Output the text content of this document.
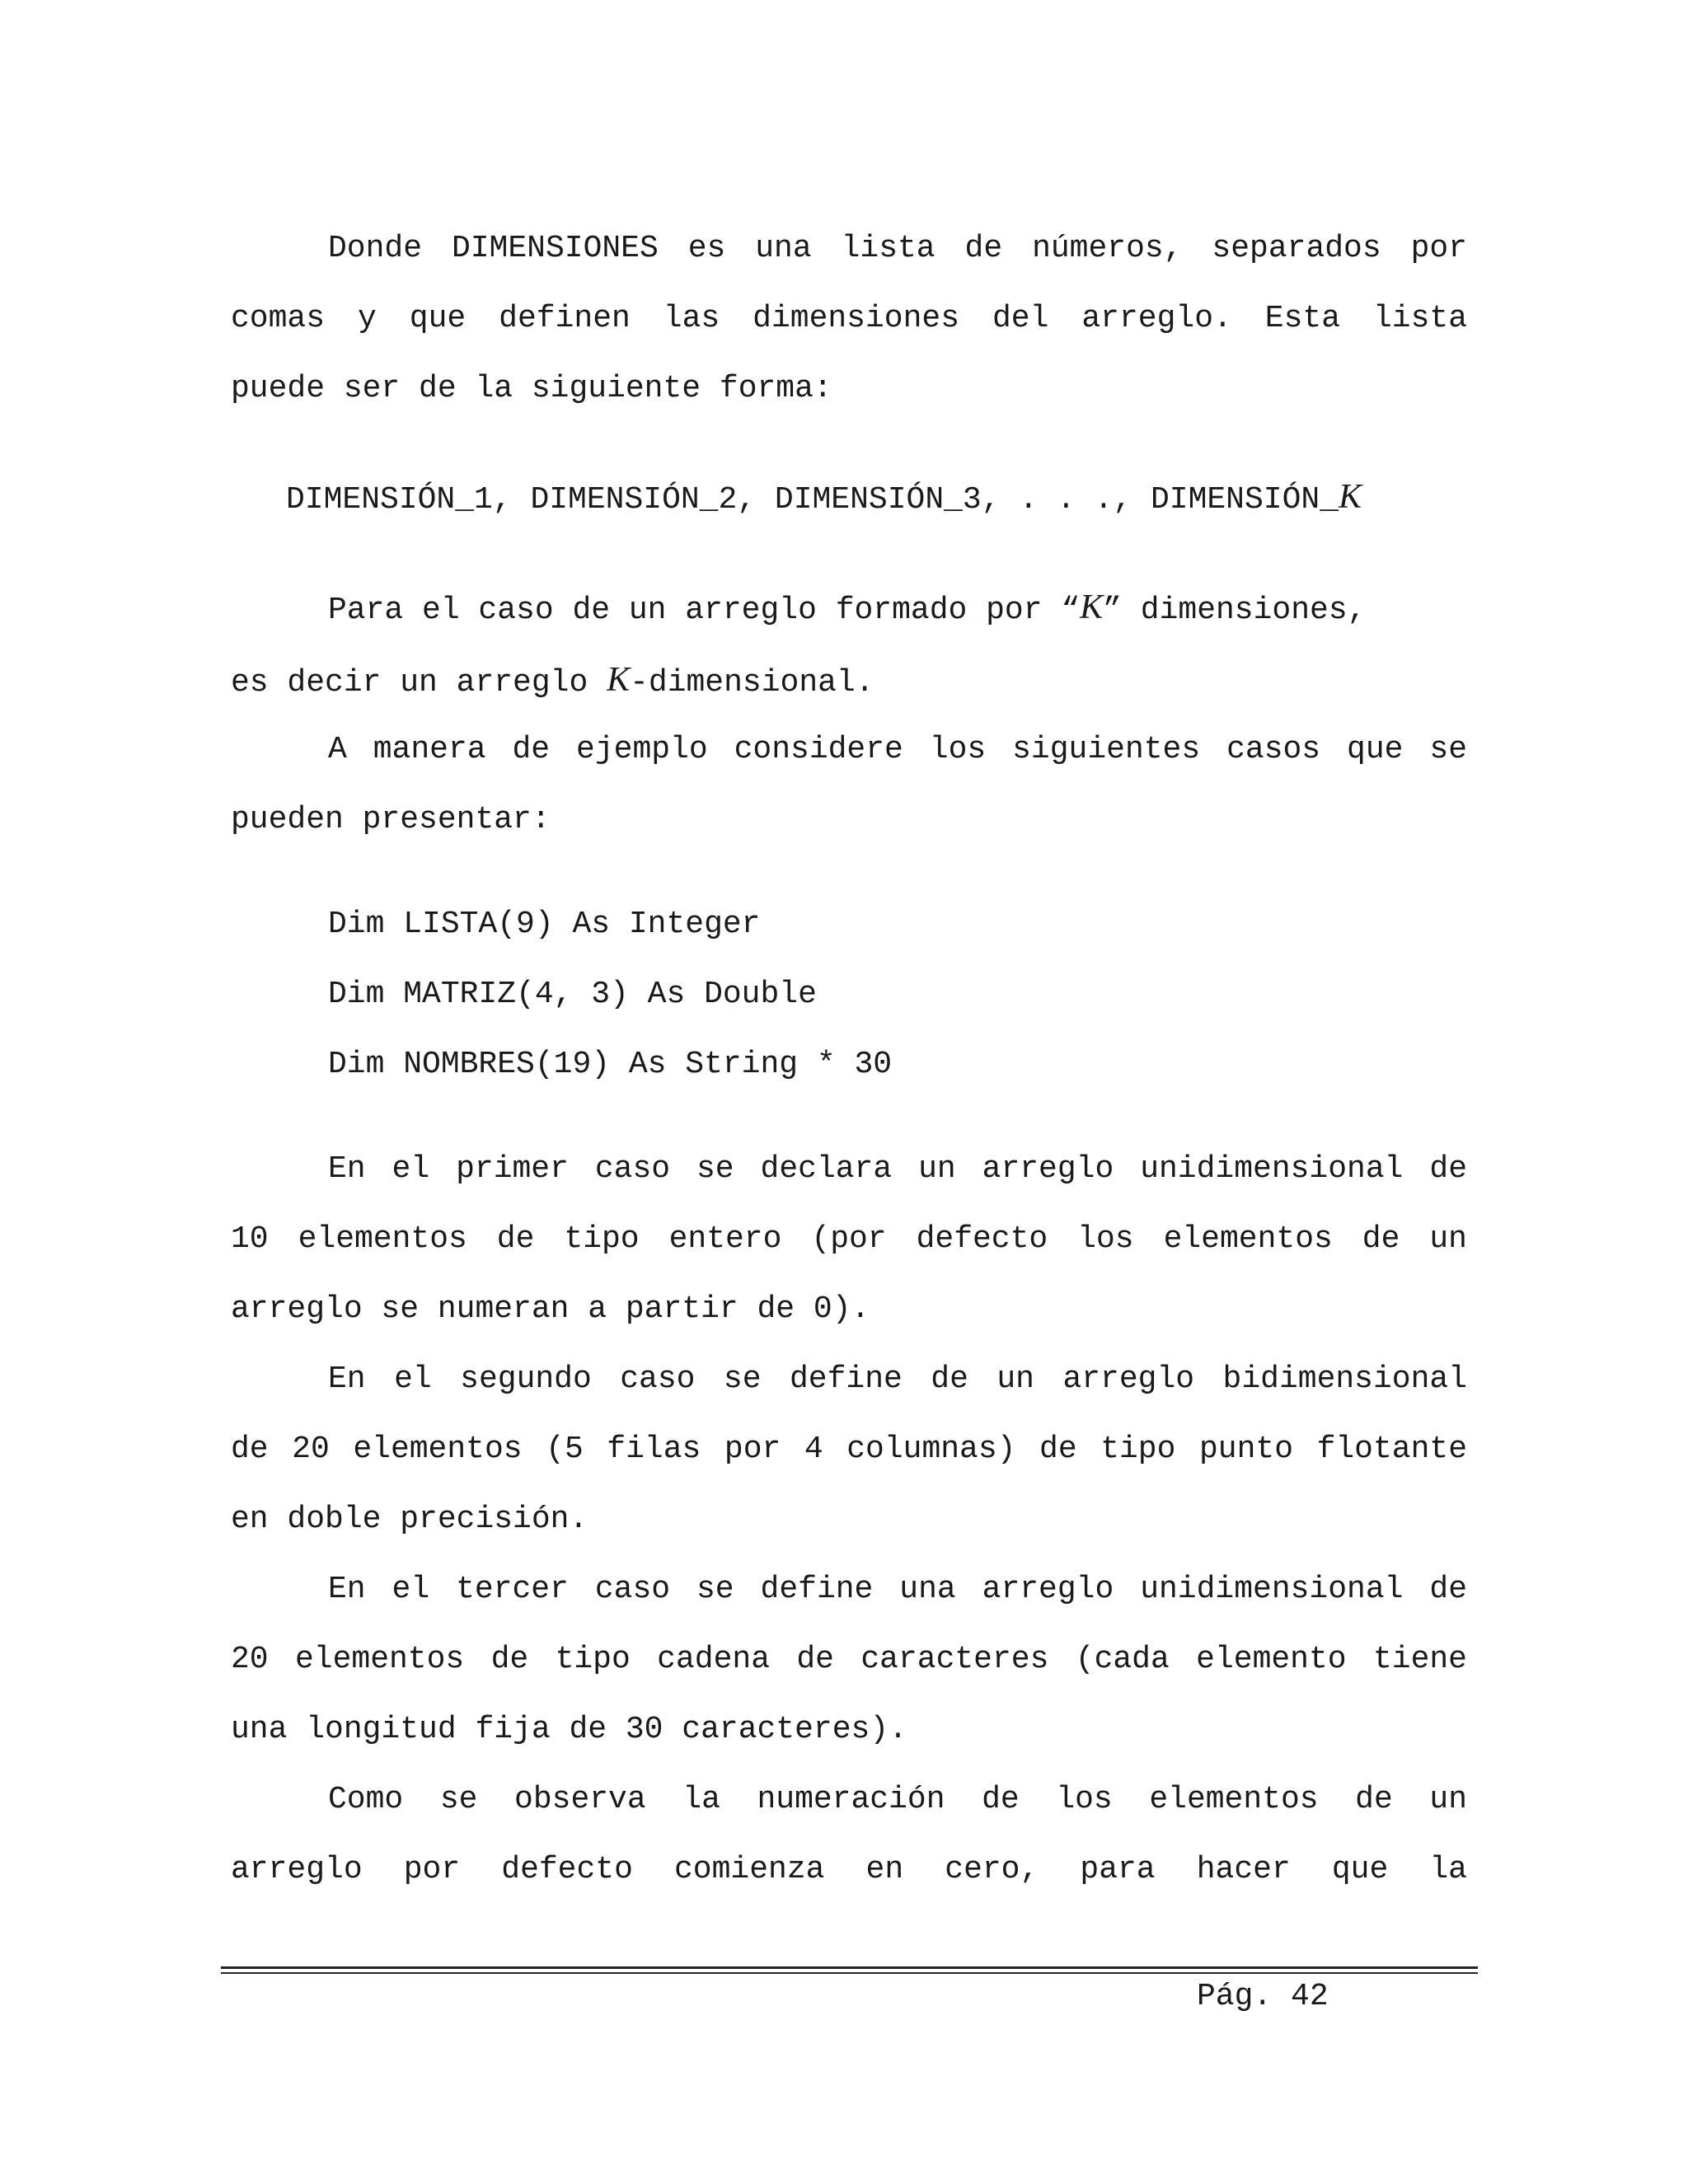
Donde DIMENSIONES es una lista de números, separados por
comas y que definen las dimensiones del arreglo. Esta lista
puede ser de la siguiente forma:
DIMENSIÓN_1, DIMENSIÓN_2, DIMENSIÓN_3, . . ., DIMENSIÓN_K
Para el caso de un arreglo formado por “K” dimensiones,
es decir un arreglo K-dimensional.
A manera de ejemplo considere los siguientes casos que se
pueden presentar:
Dim LISTA(9) As Integer
Dim MATRIZ(4, 3) As Double
Dim NOMBRES(19) As String * 30
En el primer caso se declara un arreglo unidimensional de
10 elementos de tipo entero (por defecto los elementos de un
arreglo se numeran a partir de 0).
En el segundo caso se define de un arreglo bidimensional
de 20 elementos (5 filas por 4 columnas) de tipo punto flotante
en doble precisión.
En el tercer caso se define una arreglo unidimensional de
20 elementos de tipo cadena de caracteres (cada elemento tiene
una longitud fija de 30 caracteres).
Como se observa la numeración de los elementos de un
arreglo por defecto comienza en cero, para hacer que la
Pág. 42
